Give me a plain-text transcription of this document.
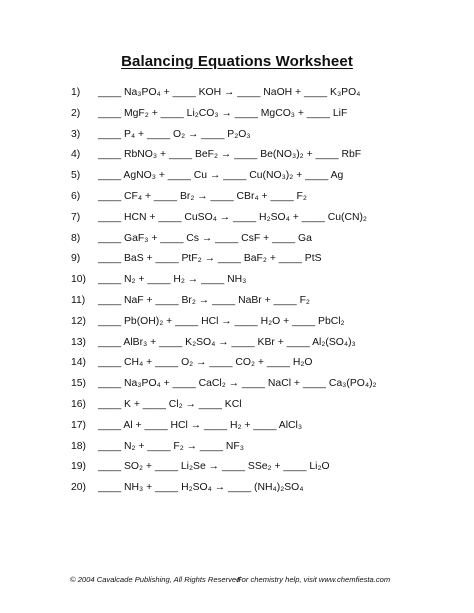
Balancing Equations Worksheet
1)	____ Na₃PO₄ + ____ KOH → ____ NaOH + ____ K₃PO₄
2)	____ MgF₂ + ____ Li₂CO₃ → ____ MgCO₃ + ____ LiF
3)	____ P₄ + ____ O₂ → ____ P₂O₃
4)	____ RbNO₃ + ____ BeF₂ → ____ Be(NO₃)₂ + ____ RbF
5)	____ AgNO₃ + ____ Cu → ____ Cu(NO₃)₂ + ____ Ag
6)	____ CF₄ + ____ Br₂ → ____ CBr₄ + ____ F₂
7)	____ HCN + ____ CuSO₄ → ____ H₂SO₄ + ____ Cu(CN)₂
8)	____ GaF₃ + ____ Cs → ____ CsF + ____ Ga
9)	____ BaS + ____ PtF₂ → ____ BaF₂ + ____ PtS
10)	____ N₂ + ____ H₂ → ____ NH₃
11)	____ NaF + ____ Br₂ → ____ NaBr + ____ F₂
12)	____ Pb(OH)₂ + ____ HCl → ____ H₂O + ____ PbCl₂
13)	____ AlBr₃ + ____ K₂SO₄ → ____ KBr + ____ Al₂(SO₄)₃
14)	____ CH₄ + ____ O₂ → ____ CO₂ + ____ H₂O
15)	____ Na₃PO₄ + ____ CaCl₂ → ____ NaCl + ____ Ca₃(PO₄)₂
16)	____ K + ____ Cl₂ → ____ KCl
17)	____ Al + ____ HCl → ____ H₂ + ____ AlCl₃
18)	____ N₂ + ____ F₂ → ____ NF₃
19)	____ SO₂ + ____ Li₂Se → ____ SSe₂ + ____ Li₂O
20)	____ NH₃ + ____ H₂SO₄ → ____ (NH₄)₂SO₄
© 2004 Cavalcade Publishing, All Rights Reserved
For chemistry help, visit www.chemfiesta.com
